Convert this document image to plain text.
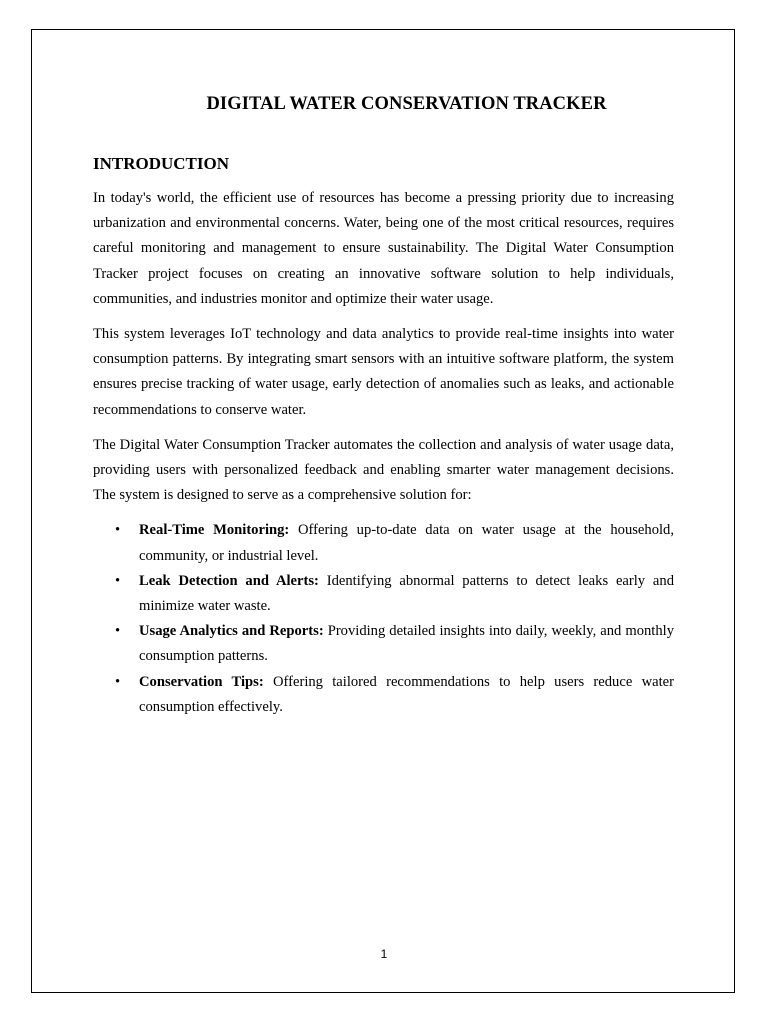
DIGITAL WATER CONSERVATION TRACKER
INTRODUCTION

In today's world, the efficient use of resources has become a pressing priority due to increasing urbanization and environmental concerns. Water, being one of the most critical resources, requires careful monitoring and management to ensure sustainability. The Digital Water Consumption Tracker project focuses on creating an innovative software solution to help individuals, communities, and industries monitor and optimize their water usage.

This system leverages IoT technology and data analytics to provide real-time insights into water consumption patterns. By integrating smart sensors with an intuitive software platform, the system ensures precise tracking of water usage, early detection of anomalies such as leaks, and actionable recommendations to conserve water.

The Digital Water Consumption Tracker automates the collection and analysis of water usage data, providing users with personalized feedback and enabling smarter water management decisions. The system is designed to serve as a comprehensive solution for:

• Real-Time Monitoring: Offering up-to-date data on water usage at the household, community, or industrial level.
• Leak Detection and Alerts: Identifying abnormal patterns to detect leaks early and minimize water waste.
• Usage Analytics and Reports: Providing detailed insights into daily, weekly, and monthly consumption patterns.
• Conservation Tips: Offering tailored recommendations to help users reduce water consumption effectively.
1
